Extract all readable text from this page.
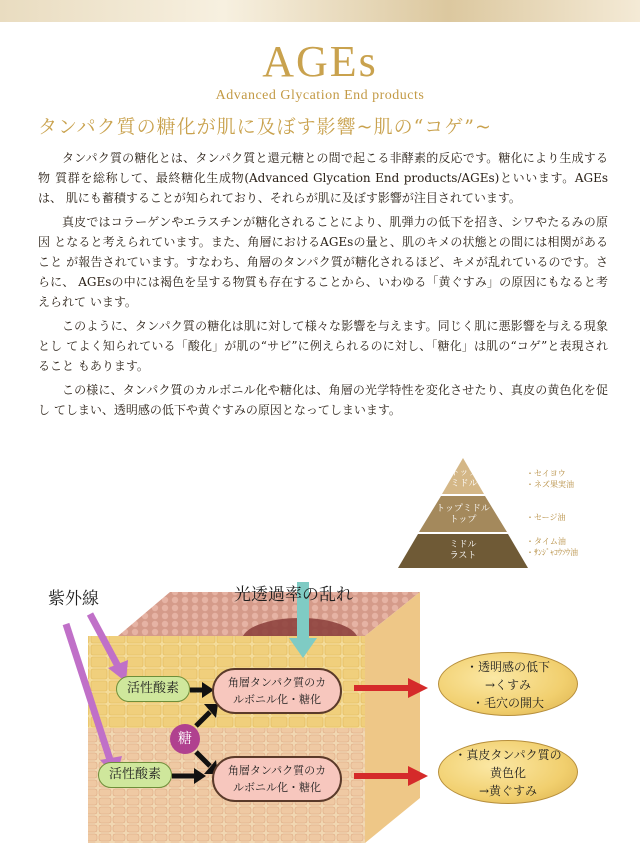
AGEs
Advanced Glycation End products
タンパク質の糖化が肌に及ぼす影響~肌の“コゲ”~

タンパク質の糖化とは、タンパク質と還元糖との間で起こる非酵素的反応です。糖化により生成する物 質群を総称して、最終糖化生成物(Advanced Glycation End products/AGEs)といいます。AGEsは、 肌にも蓄積することが知られており、それらが肌に及ぼす影響が注目されています。

真皮ではコラーゲンやエラスチンが糖化されることにより、肌弾力の低下を招き、シワやたるみの原因 となると考えられています。また、角層におけるAGEsの量と、肌のキメの状態との間には相関があること が報告されています。すなわち、角層のタンパク質が糖化されるほど、キメが乱れているのです。さらに、 AGEsの中には褐色を呈する物質も存在することから、いわゆる「黄ぐすみ」の原因にもなると考えられて います。

このように、タンパク質の糖化は肌に対して様々な影響を与えます。同じく肌に悪影響を与える現象とし てよく知られている「酸化」が肌の“サビ”に例えられるのに対し、「糖化」は肌の“コゲ”と表現されること もあります。

この様に、タンパク質のカルボニル化や糖化は、角層の光学特性を変化させたり、真皮の黄色化を促し てしまい、透明感の低下や黄ぐすみの原因となってしまいます。

トップ
ミドル
トップミドル
トップ
ミドル
ラスト
・セイヨウ
・ネズ果実油
・セージ油
・タイム油
・ｻﾝｼﾞｬｺｳｿｳ油
紫外線	光透過率の乱れ
活性酸素
活性酸素
糖
角層タンパク質のカ
ルボニル化・糖化
角層タンパク質のカ
ルボニル化・糖化
・透明感の低下
→くすみ
・毛穴の開大
・真皮タンパク質の
黄色化
→黄ぐすみ
